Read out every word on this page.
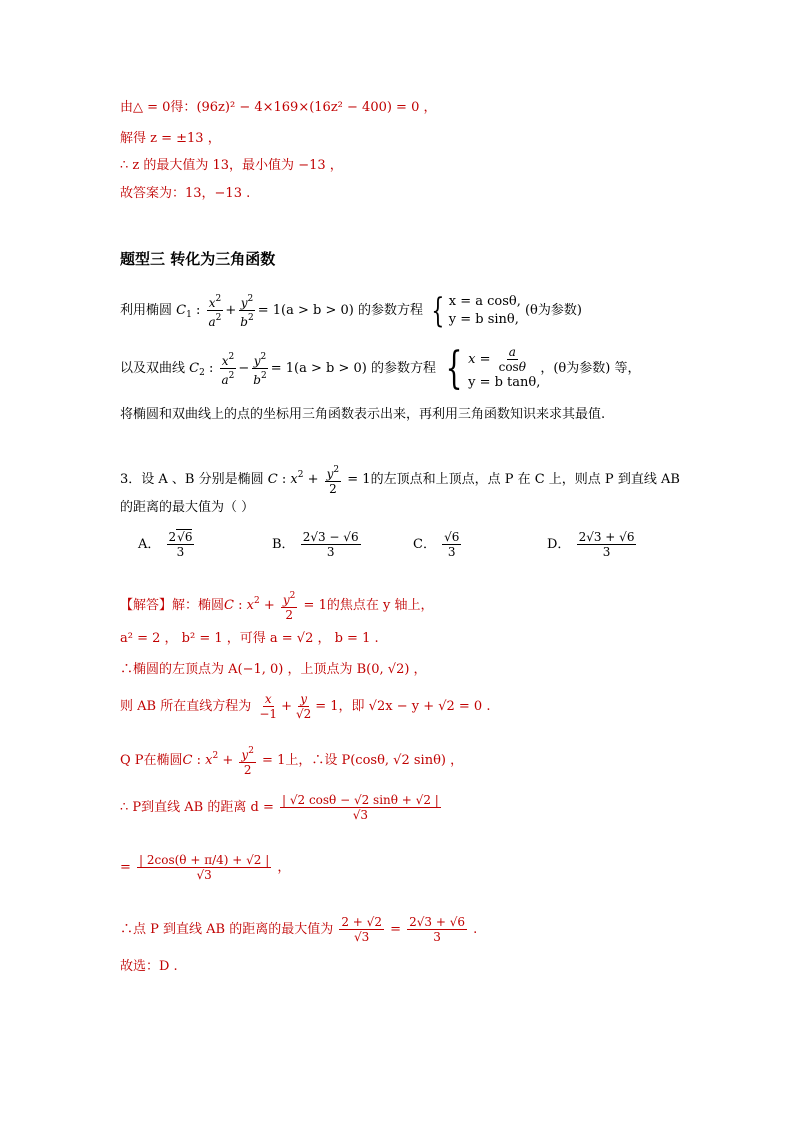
由△ = 0得：(96z)² − 4×169×(16z² − 400) = 0 ，
解得 z = ±13 ，
∴ z 的最大值为 13，最小值为 −13 ，
故答案为：13，−13 .
题型三 转化为三角函数
利用椭圆 $C_1$ : $\frac{x^2}{a^2} + \frac{y^2}{b^2} = 1(a > b > 0)$ 的参数方程 { x = a cosθ,
y = b sinθ,
(θ为参数)
以及双曲线 $C_2$ : $\frac{x^2}{a^2} - \frac{y^2}{b^2} = 1(a > b > 0)$ 的参数方程 { $x = \frac{a}{\cos\theta}$
y = b tanθ,
，(θ为参数) 等，
将椭圆和双曲线上的点的坐标用三角函数表示出来，再利用三角函数知识来求其最值.
3．设 A 、B 分别是椭圆 C : $x^2 + \frac{y^2}{2} = 1$的左顶点和上顶点，点 P 在 C 上，则点 P 到直线 AB
的距离的最大值为（ ）
A． $\frac{2√6}{3}$	B． $\frac{2√3 - √6}{3}$	C． $\frac{√6}{3}$	D． $\frac{2√3 + √6}{3}$
【解答】解：椭圆C : $x^2 + \frac{y^2}{2} = 1$的焦点在 y 轴上，
a² = 2 ， b² = 1 ，可得 a = √2 ， b = 1 .
∴椭圆的左顶点为 A(−1, 0) ，上顶点为 B(0, √2) ，
则 AB 所在直线方程为 $\frac{x}{-1} + \frac{y}{√2} = 1$，即 √2x − y + √2 = 0 .
Q P在椭圆C : $x^2 + \frac{y^2}{2} = 1$上，∴设 P(cosθ, √2 sinθ) ，
∴ P到直线 AB 的距离 $d = \frac{| √2 \cos\theta - √2 \sin\theta + √2 |}{√3}$
= $\frac{| 2\cos(\theta + \pi/4) + √2 |}{√3}$ ，
∴点 P 到直线 AB 的距离的最大值为 $\frac{2 + √2}{√3} = \frac{2√3 + √6}{3}$ .
故选：D .
